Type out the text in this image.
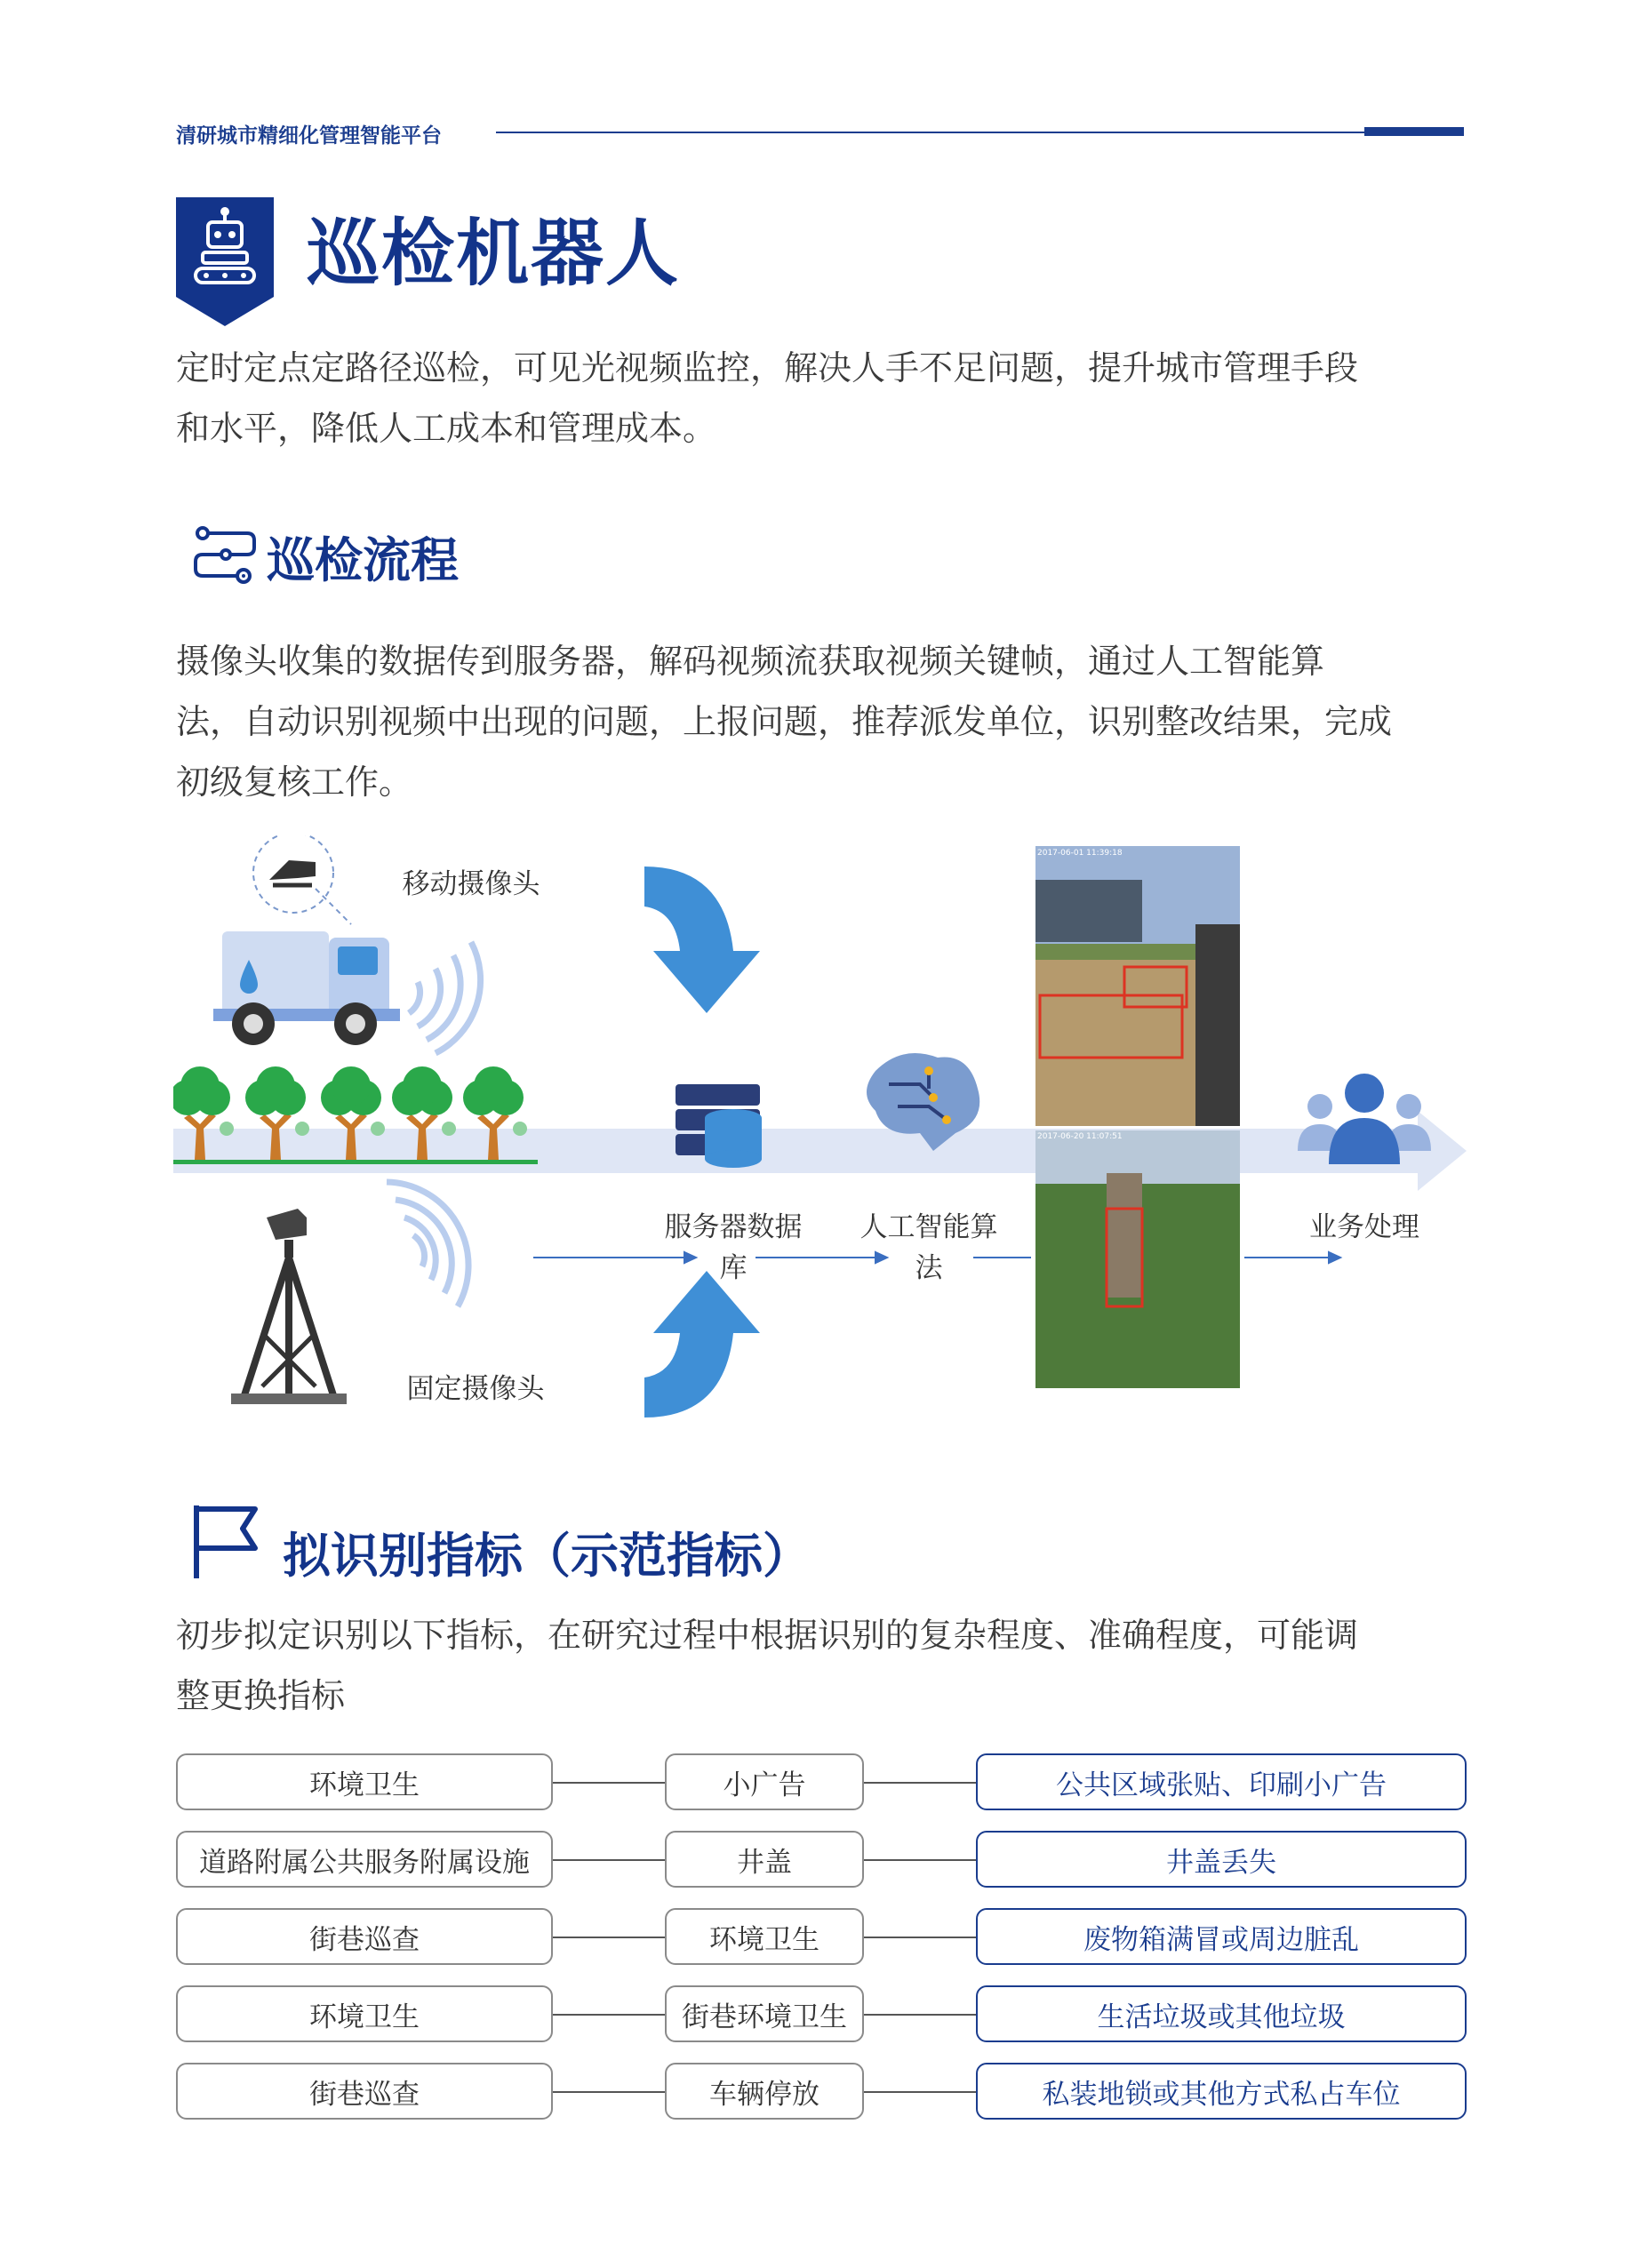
清研城市精细化管理智能平台
巡检机器人
定时定点定路径巡检，可见光视频监控，解决人手不足问题，提升城市管理手段
和水平，降低人工成本和管理成本。
巡检流程
摄像头收集的数据传到服务器，解码视频流获取视频关键帧，通过人工智能算
法，自动识别视频中出现的问题，上报问题，推荐派发单位，识别整改结果，完成
初级复核工作。
移动摄像头
固定摄像头
服务器数据
库
人工智能算
法
业务处理
2017-06-01 11:39:18
2017-06-20 11:07:51
拟识别指标（示范指标）
初步拟定识别以下指标，在研究过程中根据识别的复杂程度、准确程度，可能调
整更换指标
环境卫生	小广告	公共区域张贴、印刷小广告
道路附属公共服务附属设施	井盖	井盖丢失
街巷巡查	环境卫生	废物箱满冒或周边脏乱
环境卫生	街巷环境卫生	生活垃圾或其他垃圾
街巷巡查	车辆停放	私装地锁或其他方式私占车位
